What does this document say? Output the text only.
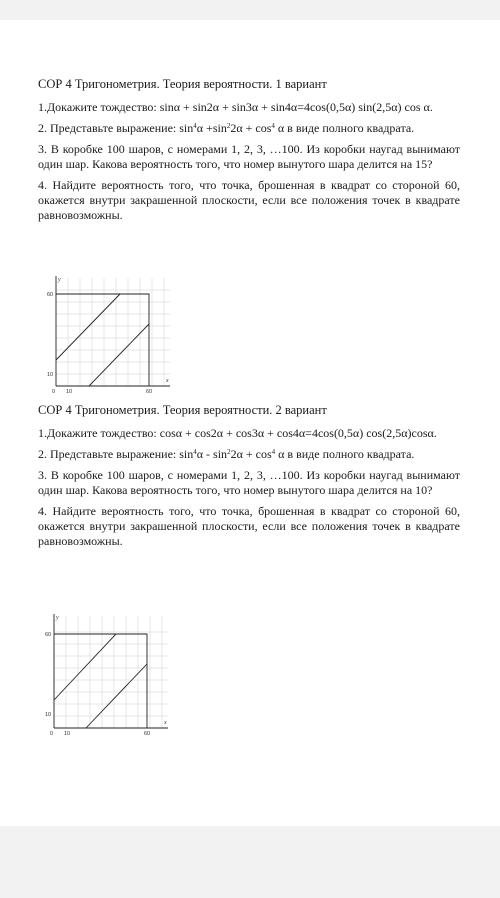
СОР 4 Тригонометрия. Теория вероятности. 1 вариант

1.Докажите тождество: sinα + sin2α + sin3α + sin4α=4cos(0,5α) sin(2,5α) cos α.

2. Представьте выражение: $\sin^4\alpha +\sin^22\alpha + \cos^4 \alpha$ в виде полного квадрата.

3. В коробке 100 шаров, с номерами 1, 2, 3, …100. Из коробки наугад вынимают один шар. Какова вероятность того, что номер вынутого шара делится на 15?

4. Найдите вероятность того, что точка, брошенная в квадрат со стороной 60, окажется внутри закрашенной плоскости, если все положения точек в квадрате равновозможны.

y
x
60
10
0 10	60

СОР 4 Тригонометрия. Теория вероятности. 2 вариант

1.Докажите тождество: cosα + cos2α + cos3α + cos4α=4cos(0,5α) cos(2,5α)cosα.

2. Представьте выражение: $\sin^4\alpha - \sin^22\alpha + \cos^4 \alpha$ в виде полного квадрата.

3. В коробке 100 шаров, с номерами 1, 2, 3, …100. Из коробки наугад вынимают один шар. Какова вероятность того, что номер вынутого шара делится на 10?

4. Найдите вероятность того, что точка, брошенная в квадрат со стороной 60, окажется внутри закрашенной плоскости, если все положения точек в квадрате равновозможны.

y
x
60
10
0 10	60
